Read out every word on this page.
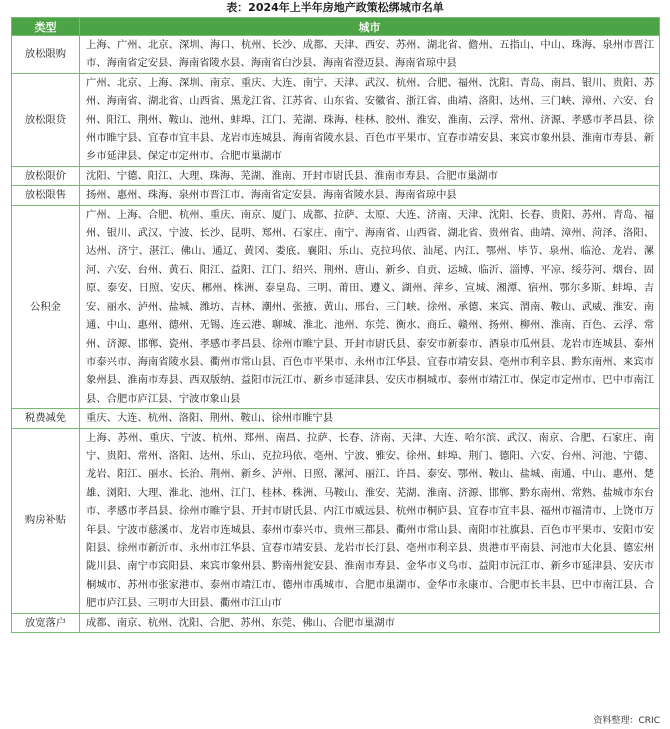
表：2024年上半年房地产政策松绑城市名单
类型	城市
放松限购	上海、广州、北京、深圳、海口、杭州、长沙、成都、天津、西安、苏州、湖北省、儋州、五指山、中山、珠海、泉州市晋江市、海南省定安县、海南省陵水县、海南省白沙县、海南省澄迈县、海南省琼中县
放松限贷	广州、北京、上海、深圳、南京、重庆、大连、南宁、天津、武汉、杭州、合肥、福州、沈阳、青岛、南昌、银川、贵阳、苏州、海南省、湖北省、山西省、黑龙江省、江苏省、山东省、安徽省、浙江省、曲靖、洛阳、达州、三门峡、漳州、六安、台州、阳江、荆州、鞍山、池州、蚌埠、江门、芜湖、珠海、桂林、胶州、淮安、淮南、云浮、常州、济源、孝感市孝昌县、徐州市睢宁县、宜春市宜丰县、龙岩市连城县、海南省陵水县、百色市平果市、宜春市靖安县、来宾市象州县、淮南市寿县、新乡市延津县、保定市定州市、合肥市巢湖市
放松限价	沈阳、宁德、阳江、大理、珠海、芜湖、淮南、开封市尉氏县、淮南市寿县、合肥市巢湖市
放松限售	扬州、惠州、珠海、泉州市晋江市、海南省定安县、海南省陵水县、海南省琼中县
公积金	广州、上海、合肥、杭州、重庆、南京、厦门、成都、拉萨、太原、大连、济南、天津、沈阳、长春、贵阳、苏州、青岛、福州、银川、武汉、宁波、长沙、昆明、郑州、石家庄、南宁、海南省、山西省、湖北省、贵州省、曲靖、漳州、菏泽、洛阳、达州、济宁、湛江、佛山、通辽、黄冈、娄底、襄阳、乐山、克拉玛依、汕尾、内江、鄂州、毕节、泉州、临沧、龙岩、漯河、六安、台州、黄石、阳江、益阳、江门、绍兴、荆州、唐山、新乡、自贡、运城、临沂、淄博、平凉、绥芬河、烟台、固原、泰安、日照、安庆、郴州、株洲、泰皇岛、三明、莆田、遵义、湖州、萍乡、宣城、湘潭、宿州、鄂尔多斯、蚌埠、吉安、丽水、泸州、盐城、潍坊、吉林、潮州、张掖、黄山、邢台、三门峡、徐州、承德、来宾、渭南、鞍山、武威、淮安、南通、中山、惠州、德州、无锡、连云港、聊城、淮北、池州、东莞、衡水、商丘、赣州、扬州、柳州、淮南、百色、云浮、常州、济源、邯郸、瓷州、孝感市孝昌县、徐州市睢宁县、开封市尉氏县、泰安市新泰市、酒泉市瓜州县、龙岩市连城县、泰州市泰兴市、海南省陵水县、衢州市常山县、百色市平果市、永州市江华县、宜春市靖安县、亳州市利辛县、黔东南州、来宾市象州县、淮南市寿县、西双版纳、益阳市沅江市、新乡市延津县、安庆市桐城市、泰州市靖江市、保定市定州市、巴中市南江县、合肥市庐江县、宁波市象山县
税费减免	重庆、大连、杭州、洛阳、荆州、鞍山、徐州市睢宁县
购房补贴	上海、苏州、重庆、宁波、杭州、郑州、南昌、拉萨、长春、济南、天津、大连、哈尔滨、武汉、南京、合肥、石家庄、南宁、贵阳、常州、洛阳、达州、乐山、克拉玛依、亳州、宁波、雅安、徐州、蚌埠、荆门、德阳、六安、台州、河池、宁德、龙岩、阳江、丽水、长治、荆州、新乡、泸州、日照、漯河、丽江、许昌、泰安、鄂州、鞍山、盐城、南通、中山、惠州、楚雄、浏阳、大理、淮北、池州、江门、桂林、株洲、马鞍山、淮安、芜湖、淮南、济源、邯郸、黔东南州、常熟、盐城市东台市、孝感市孝昌县、徐州市睢宁县、开封市尉氏县、内江市威远县、杭州市桐庐县、宜春市宜丰县、福州市福清市、上饶市万年县、宁波市慈溪市、龙岩市连城县、泰州市泰兴市、贵州三都县、衢州市常山县、南阳市社旗县、百色市平果市、安阳市安阳县、徐州市新沂市、永州市江华县、宜春市靖安县、龙岩市长汀县、亳州市利辛县、贵港市平南县、河池市大化县、德宏州陇川县、南宁市宾阳县、来宾市象州县、黔南州瓮安县、淮南市寿县、金华市义乌市、益阳市沅江市、新乡市延津县、安庆市桐城市、苏州市张家港市、泰州市靖江市、德州市禹城市、合肥市巢湖市、金华市永康市、合肥市长丰县、巴中市南江县、合肥市庐江县、三明市大田县、衢州市江山市
放宽落户	成都、南京、杭州、沈阳、合肥、苏州、东莞、佛山、合肥市巢湖市
资料整理：CRIC
